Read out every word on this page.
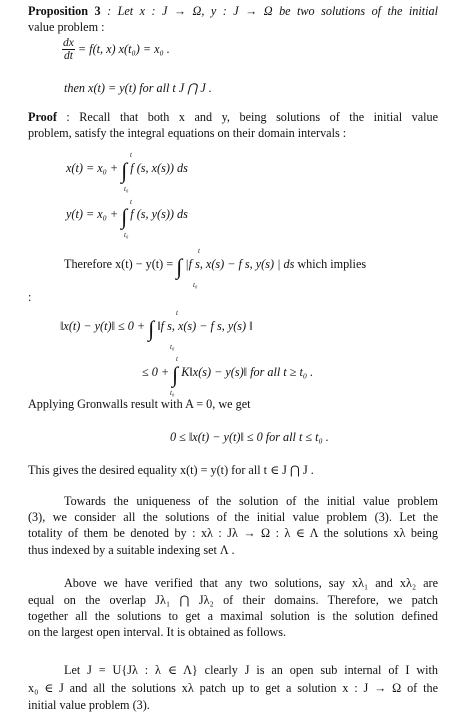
Proposition 3 : Let x : J → Ω, y : J → Ω be two solutions of the initial
value problem :
$\frac{dx}{dt} = f(t$, x) x(t₀) = x₀ .
then x(t) = y(t) for all t J ⋂ J .
Proof : Recall that both x and y, being solutions of the initial value
problem, satisfy the integral equations on their domain intervals :
x(t) = x₀ + ∫ f (s, x(s)) ds
t
t₀
y(t) = x₀ + ∫ f (s, y(s)) ds
t
t₀
Therefore x(t) − y(t) = ∫ |f s, x(s) − f s, y(s) | ds which implies
t
t₀
:
‖x(t) − y(t)‖ ≤ 0 + ∫ ‖f s, x(s) − f s, y(s) ‖
t
t₀
≤ 0 + ∫ K‖x(s) − y(s)‖ for all t ≥ t₀ .
t
t₀
Applying Gronwalls result with A = 0, we get
0 ≤ ‖x(t) − y(t)‖ ≤ 0 for all t ≤ t₀ .
This gives the desired equality x(t) = y(t) for all t ∈ J ⋂ J .
Towards the uniqueness of the solution of the initial value problem
(3), we consider all the solutions of the initial value problem (3). Let the
totality of them be denoted by : xλ : Jλ → Ω : λ ∈ Λ the solutions xλ being
thus indexed by a suitable indexing set Λ .
Above we have verified that any two solutions, say xλ₁ and xλ₂ are
equal on the overlap Jλ₁ ⋂ Jλ₂ of their domains. Therefore, we patch
together all the solutions to get a maximal solution is the solution defined
on the largest open interval. It is obtained as follows.
Let J = U{Jλ : λ ∈ Λ} clearly J is an open sub internal of I with
x₀ ∈ J and all the solutions xλ patch up to get a solution x : J → Ω of the
initial value problem (3).
